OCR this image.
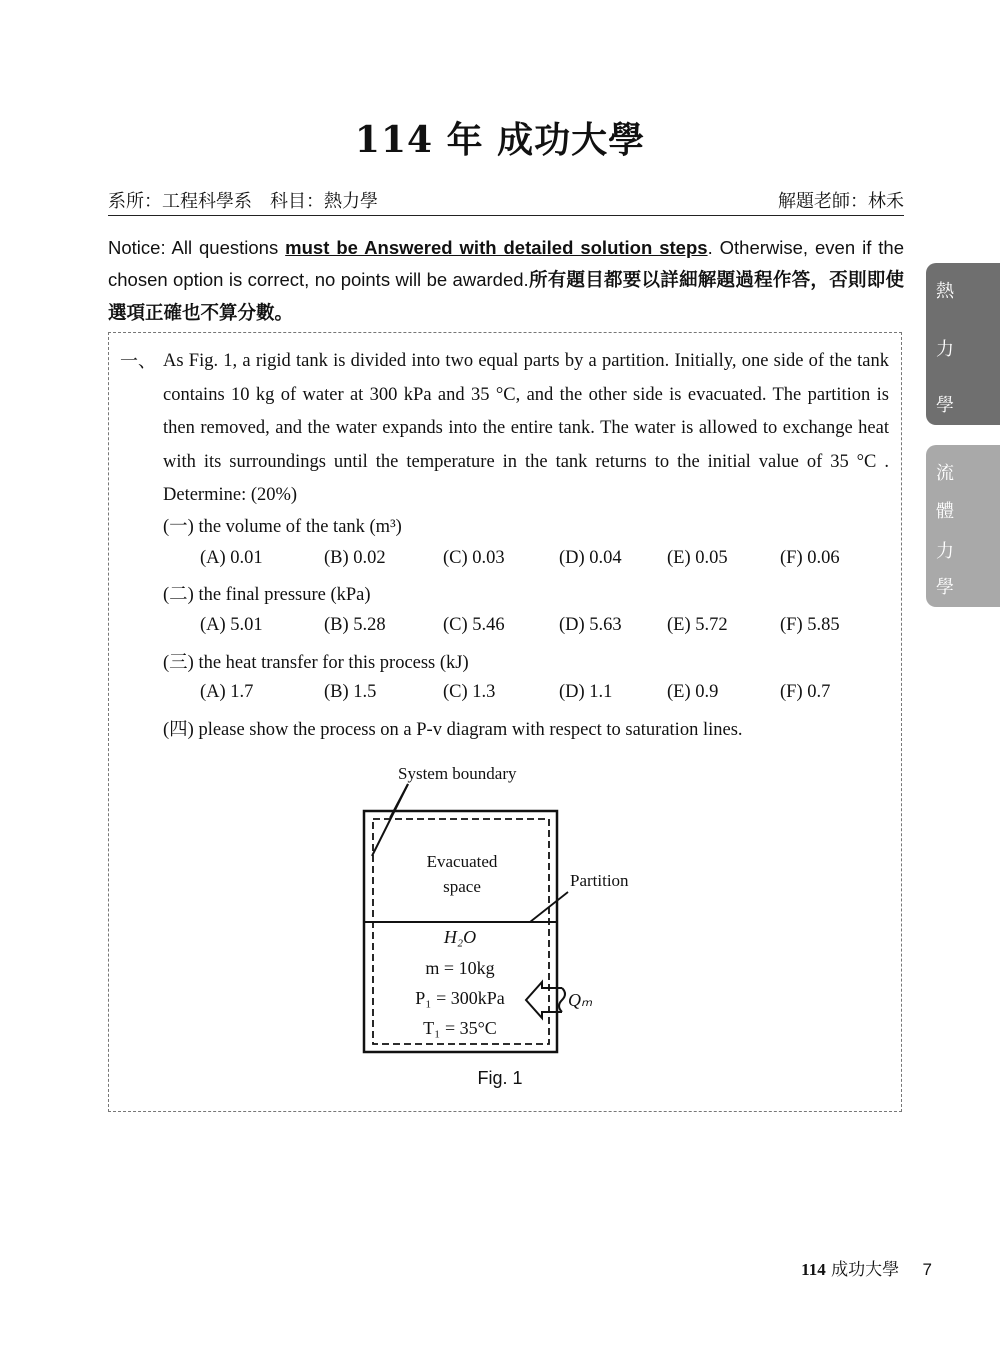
114 年 成功大學
系所：工程科學系　科目：熱力學	解題老師：林禾
Notice: All questions must be Answered with detailed solution steps. Otherwise, even if the chosen option is correct, no points will be awarded.所有題目都要以詳細解題過程作答，否則即使選項正確也不算分數。
熱
力
學
流
體
力
學
一、 As Fig. 1, a rigid tank is divided into two equal parts by a partition. Initially, one side of the tank contains 10 kg of water at 300 kPa and 35 °C, and the other side is evacuated. The partition is then removed, and the water expands into the entire tank. The water is allowed to exchange heat with its surroundings until the temperature in the tank returns to the initial value of 35 °C . Determine: (20%)
(一) the volume of the tank (m³)
(A) 0.01	(B) 0.02	(C) 0.03	(D) 0.04 (E) 0.05	(F) 0.06
(二) the final pressure (kPa)
(A) 5.01	(B) 5.28	(C) 5.46	(D) 5.63 (E) 5.72	(F) 5.85
(三) the heat transfer for this process (kJ)
(A) 1.7	(B) 1.5	(C) 1.3	(D) 1.1	(E) 0.9	(F) 0.7
(四) please show the process on a P-v diagram with respect to saturation lines.
System boundary
Evacuated
space	Partition
H₂O
m = 10kg
P₁ = 300kPa
T₁ = 35°C
Qₘ
Fig. 1
114 成功大學 7
